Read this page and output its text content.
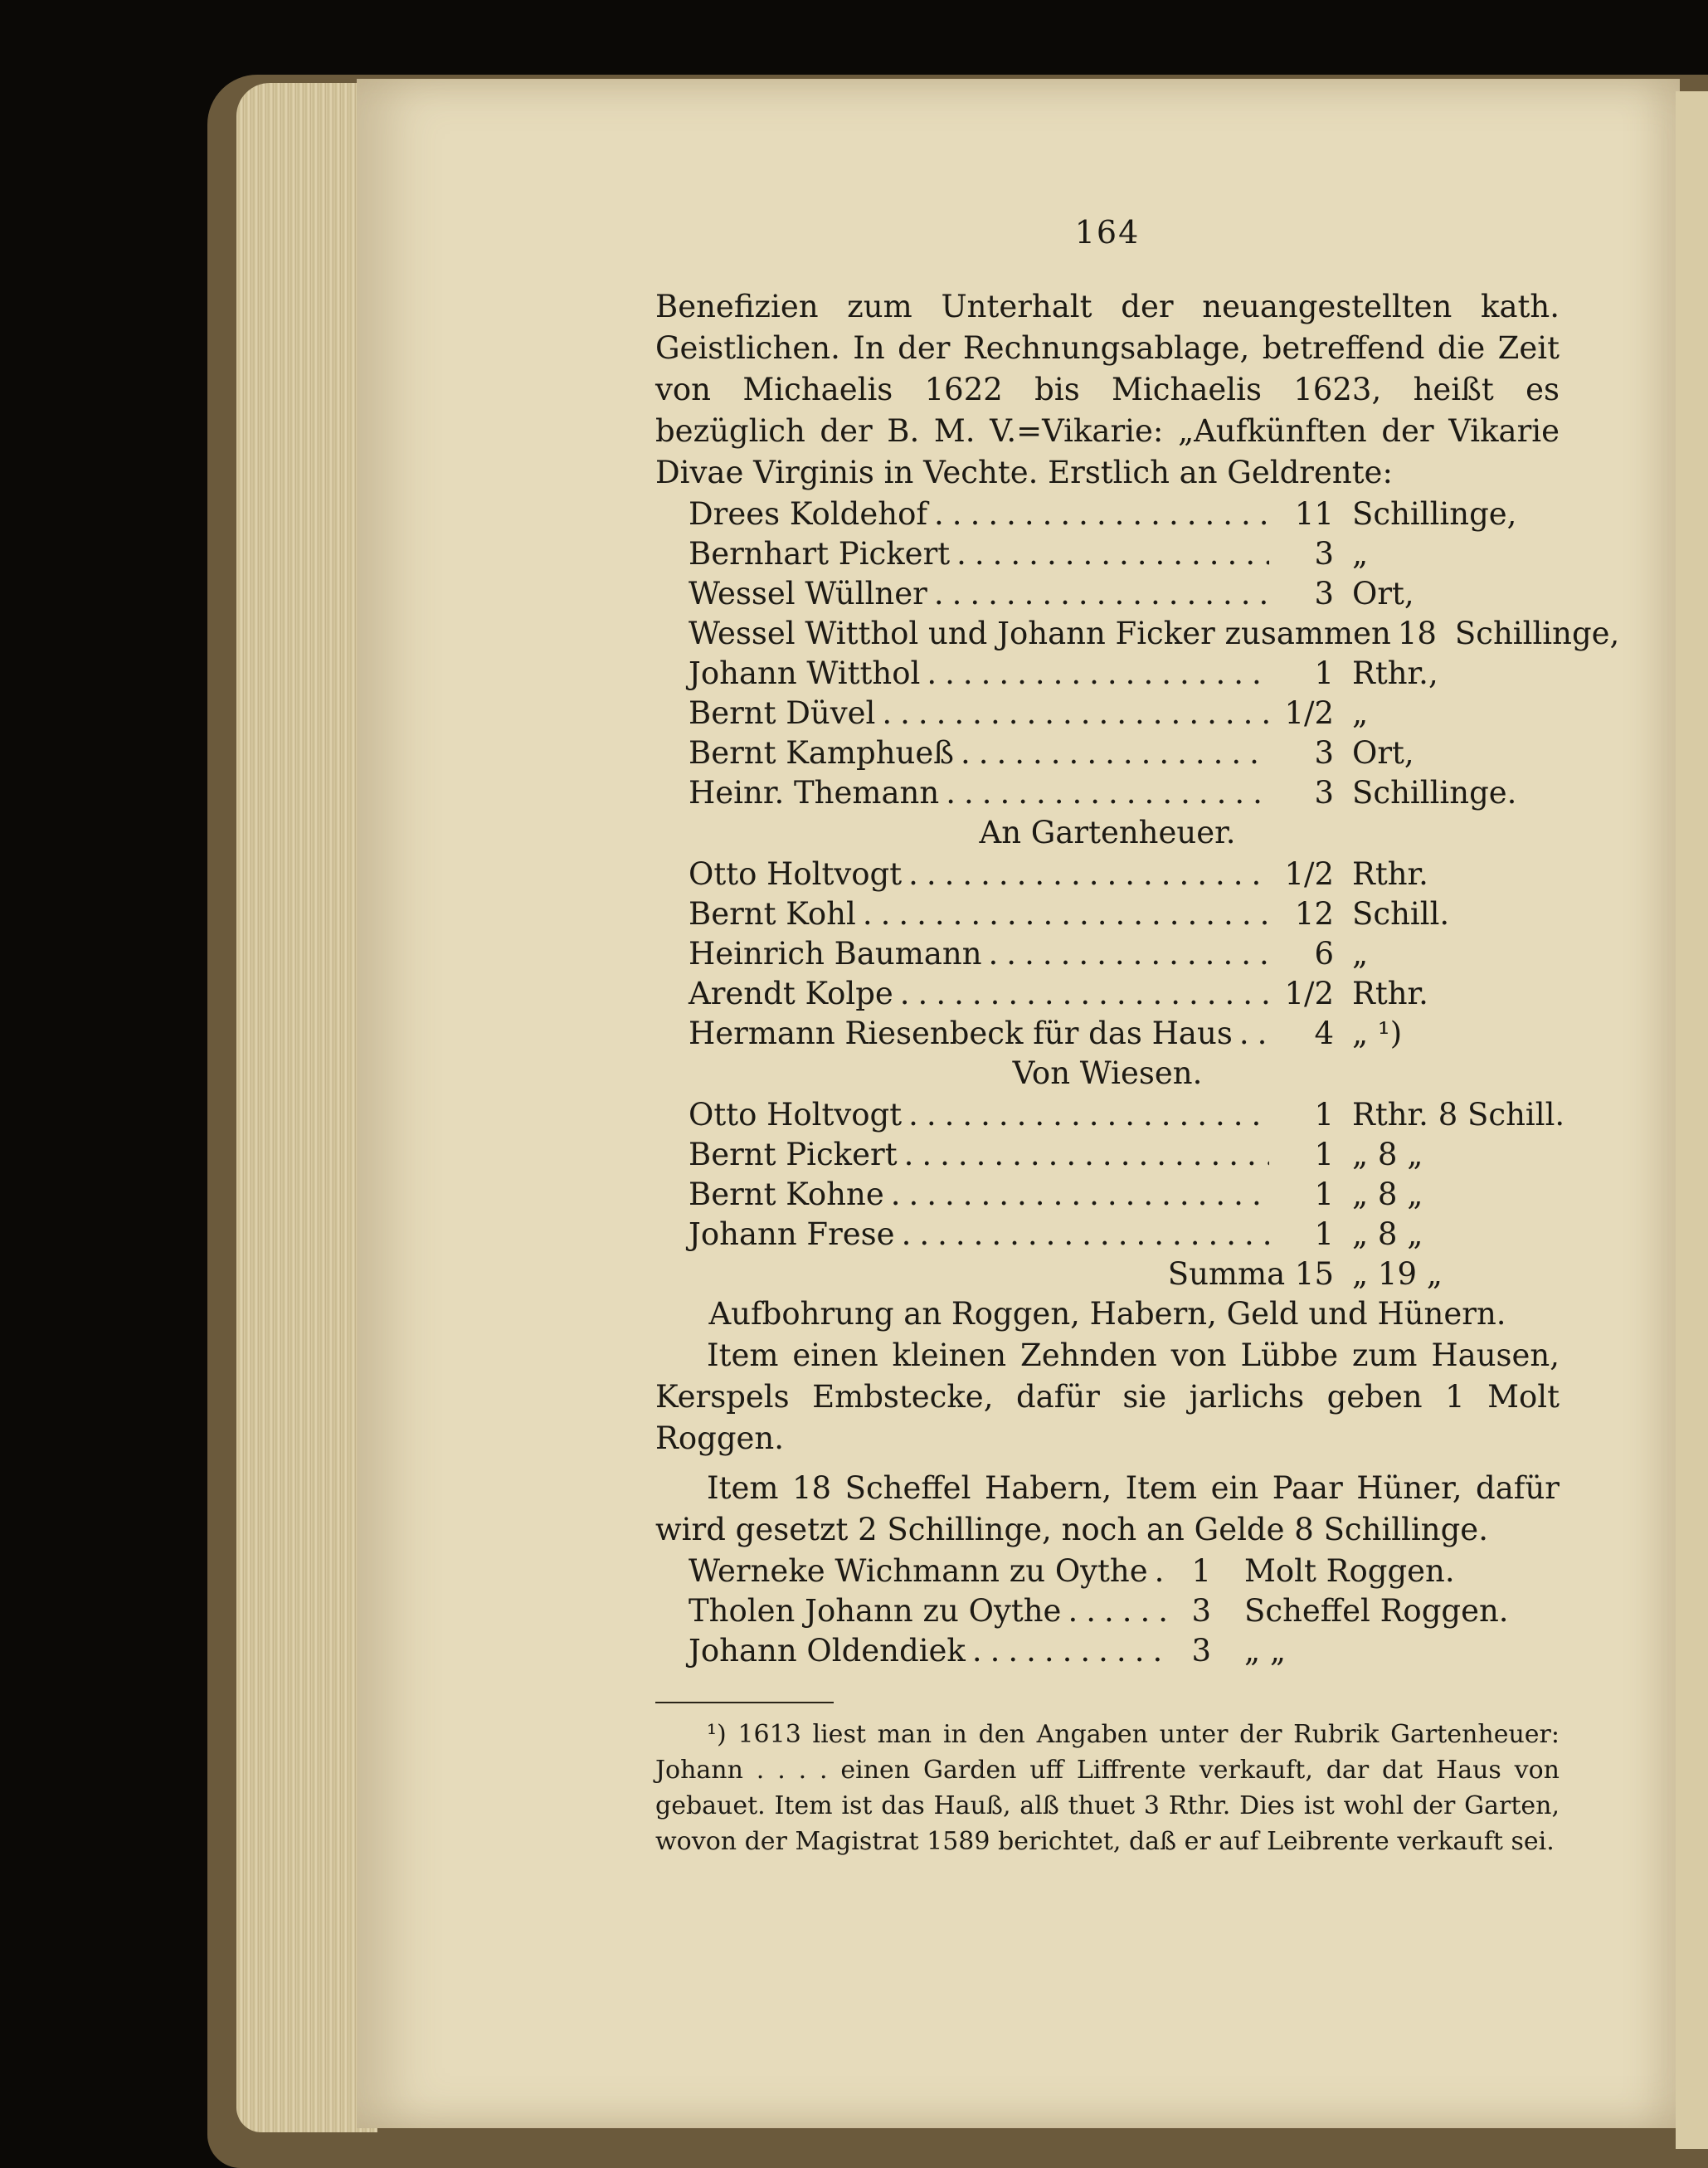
164
Benefizien zum Unterhalt der neuangestellten kath. Geistlichen. In der Rechnungsablage, betreffend die Zeit von Michaelis 1622 bis Michaelis 1623, heißt es bezüglich der B. M. V.=Vikarie: „Aufkünften der Vikarie Divae Virginis in Vechte. Erstlich an Geldrente:
Drees Koldehof .....	11 Schillinge,
Bernhart Pickert .....	3 „
Wessel Wüllner .....	3 Ort,
Wessel Witthol und Johann Ficker zusammen 18 Schillinge,
Johann Witthol .....	1 Rthr.,
Bernt Düvel .....	1/2 „
Bernt Kamphueß .....	3 Ort,
Heinr. Themann .....	3 Schillinge.
An Gartenheuer.
Otto Holtvogt .....	1/2 Rthr.
Bernt Kohl .....	12 Schill.
Heinrich Baumann .....	6 „
Arendt Kolpe .....	1/2 Rthr.
Hermann Riesenbeck für das Haus .....	4 „ ¹)
Von Wiesen.
Otto Holtvogt .....	1 Rthr. 8 Schill.
Bernt Pickert .....	1 „ 8 „
Bernt Kohne .....	1 „ 8 „
Johann Frese .....	1 „ 8 „
Summa 15 „ 19 „
Aufbohrung an Roggen, Habern, Geld und Hünern.
Item einen kleinen Zehnden von Lübbe zum Hausen, Kerspels Embstecke, dafür sie jarlichs geben 1 Molt Roggen.
Item 18 Scheffel Habern, Item ein Paar Hüner, dafür wird gesetzt 2 Schillinge, noch an Gelde 8 Schillinge.
Werneke Wichmann zu Oythe .....	1	Molt Roggen.
Tholen Johann zu Oythe .....	3	Scheffel Roggen.
Johann Oldendiek .....	3	„ „
¹) 1613 liest man in den Angaben unter der Rubrik Gartenheuer: Johann . . . . einen Garden uff Liffrente verkauft, dar dat Haus von gebauet. Item ist das Hauß, alß thuet 3 Rthr. Dies ist wohl der Garten, wovon der Magistrat 1589 berichtet, daß er auf Leibrente verkauft sei.
